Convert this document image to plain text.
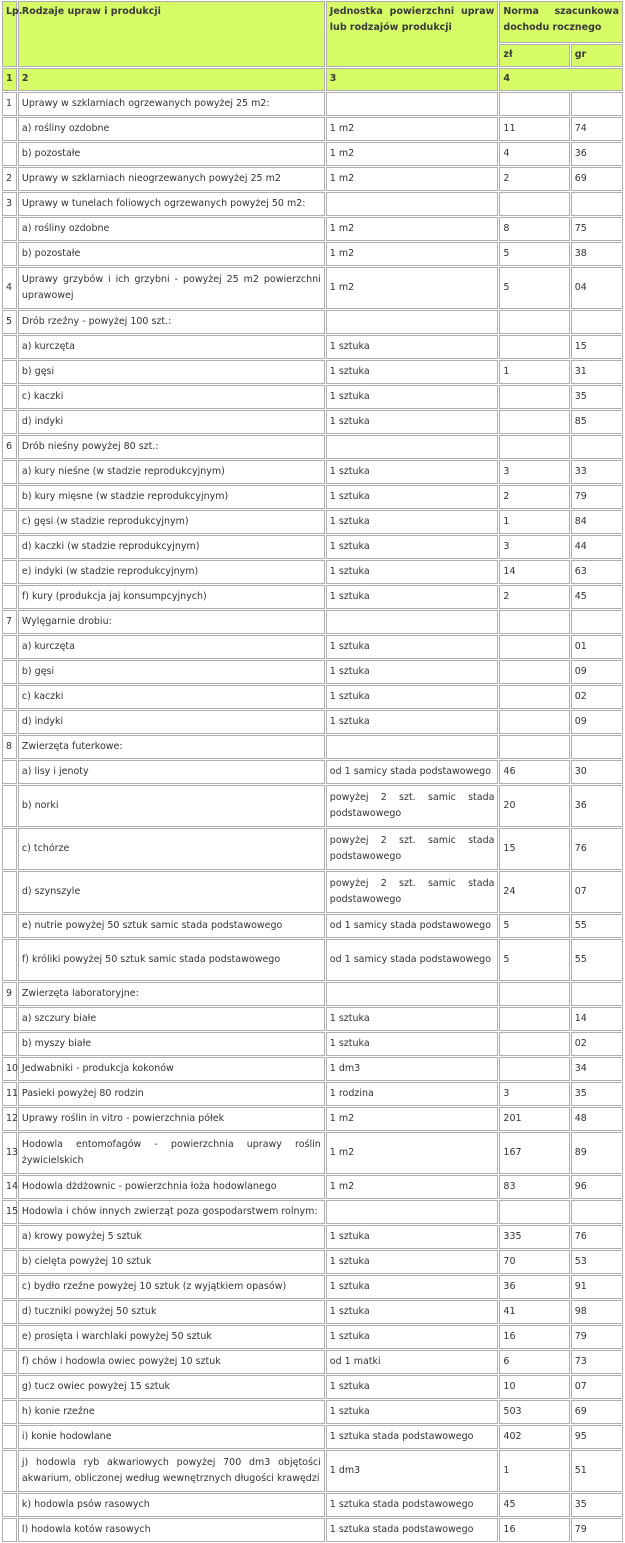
Lp.	Rodzaje upraw i produkcji	Jednostka powierzchni upraw lub rodzajów produkcji	Norma szacunkowa dochodu rocznego	
			zł	gr
1	2	3	4	
1	Uprawy w szklarniach ogrzewanych powyżej 25 m2:			
	a) rośliny ozdobne	1 m2	11	74
	b) pozostałe	1 m2	4	36
2	Uprawy w szklarniach nieogrzewanych powyżej 25 m2	1 m2	2	69
3	Uprawy w tunelach foliowych ogrzewanych powyżej 50 m2:			
	a) rośliny ozdobne	1 m2	8	75
	b) pozostałe	1 m2	5	38
4	Uprawy grzybów i ich grzybni - powyżej 25 m2 powierzchni uprawowej	1 m2	5	04
5	Drób rzeźny - powyżej 100 szt.:			
	a) kurczęta	1 sztuka		15
	b) gęsi	1 sztuka	1	31
	c) kaczki	1 sztuka		35
	d) indyki	1 sztuka		85
6	Drób nieśny powyżej 80 szt.:			
	a) kury nieśne (w stadzie reprodukcyjnym)	1 sztuka	3	33
	b) kury mięsne (w stadzie reprodukcyjnym)	1 sztuka	2	79
	c) gęsi (w stadzie reprodukcyjnym)	1 sztuka	1	84
	d) kaczki (w stadzie reprodukcyjnym)	1 sztuka	3	44
	e) indyki (w stadzie reprodukcyjnym)	1 sztuka	14	63
	f) kury (produkcja jaj konsumpcyjnych)	1 sztuka	2	45
7	Wylęgarnie drobiu:			
	a) kurczęta	1 sztuka		01
	b) gęsi	1 sztuka		09
	c) kaczki	1 sztuka		02
	d) indyki	1 sztuka		09
8	Zwierzęta futerkowe:			
	a) lisy i jenoty	od 1 samicy stada podstawowego	46	30
	b) norki	powyżej 2 szt. samic stada podstawowego	20	36
	c) tchórze	powyżej 2 szt. samic stada podstawowego	15	76
	d) szynszyle	powyżej 2 szt. samic stada podstawowego	24	07
	e) nutrie powyżej 50 sztuk samic stada podstawowego	od 1 samicy stada podstawowego	5	55
	f) króliki powyżej 50 sztuk samic stada podstawowego	od 1 samicy stada podstawowego	5	55
9	Zwierzęta laboratoryjne:			
	a) szczury białe	1 sztuka		14
	b) myszy białe	1 sztuka		02
10	Jedwabniki - produkcja kokonów	1 dm3		34
11	Pasieki powyżej 80 rodzin	1 rodzina	3	35
12	Uprawy roślin in vitro - powierzchnia półek	1 m2	201	48
13	Hodowla entomofagów - powierzchnia uprawy roślin żywicielskich	1 m2	167	89
14	Hodowla dżdżownic - powierzchnia łoża hodowlanego	1 m2	83	96
15	Hodowla i chów innych zwierząt poza gospodarstwem rolnym:			
	a) krowy powyżej 5 sztuk	1 sztuka	335	76
	b) cielęta powyżej 10 sztuk	1 sztuka	70	53
	c) bydło rzeźne powyżej 10 sztuk (z wyjątkiem opasów)	1 sztuka	36	91
	d) tuczniki powyżej 50 sztuk	1 sztuka	41	98
	e) prosięta i warchlaki powyżej 50 sztuk	1 sztuka	16	79
	f) chów i hodowla owiec powyżej 10 sztuk	od 1 matki	6	73
	g) tucz owiec powyżej 15 sztuk	1 sztuka	10	07
	h) konie rzeźne	1 sztuka	503	69
	i) konie hodowlane	1 sztuka stada podstawowego	402	95
	j) hodowla ryb akwariowych powyżej 700 dm3 objętości akwarium, obliczonej według wewnętrznych długości krawędzi	1 dm3	1	51
	k) hodowla psów rasowych	1 sztuka stada podstawowego	45	35
	l) hodowla kotów rasowych	1 sztuka stada podstawowego	16	79
